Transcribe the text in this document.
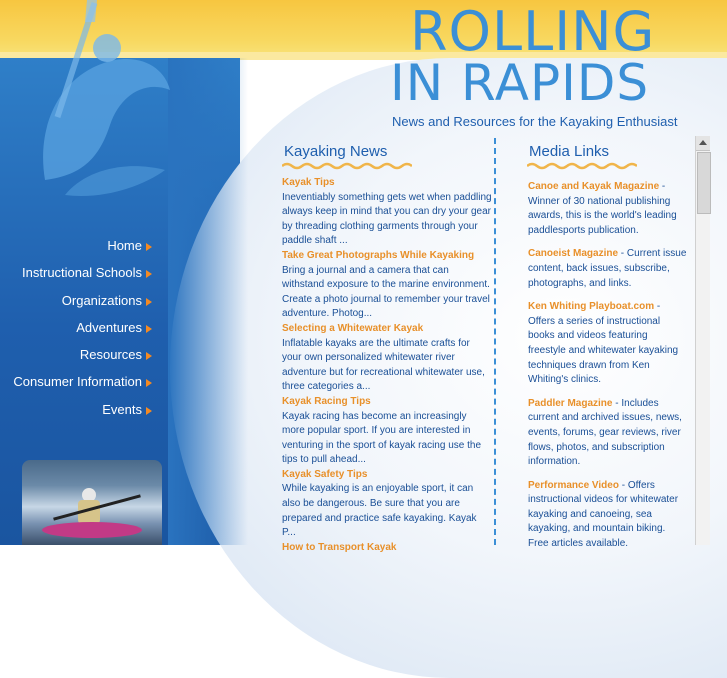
ROLLING
IN RAPIDS
News and Resources for the Kayaking Enthusiast
Home
Instructional Schools
Organizations
Adventures
Resources
Consumer Information
Events
Kayaking News	Media Links
Kayak Tips
Ineventiably something gets wet when paddling always keep in mind that you can dry your gear by threading clothing garments through your paddle shaft ...
Take Great Photographs While Kayaking
Bring a journal and a camera that can withstand exposure to the marine environment. Create a photo journal to remember your travel adventure. Photog...
Selecting a Whitewater Kayak
Inflatable kayaks are the ultimate crafts for your own personalized whitewater river adventure but for recreational whitewater use, three categories a...
Kayak Racing Tips
Kayak racing has become an increasingly more popular sport. If you are interested in venturing in the sport of kayak racing use the tips to pull ahead...
Kayak Safety Tips
While kayaking is an enjoyable sport, it can also be dangerous. Be sure that you are prepared and practice safe kayaking. Kayak P...
How to Transport Kayak

Canoe and Kayak Magazine - Winner of 30 national publishing awards, this is the world's leading paddlesports publication.

Canoeist Magazine - Current issue content, back issues, subscribe, photographs, and links.

Ken Whiting Playboat.com - Offers a series of instructional books and videos featuring freestyle and whitewater kayaking techniques drawn from Ken Whiting's clinics.

Paddler Magazine - Includes current and archived issues, news, events, forums, gear reviews, river flows, photos, and subscription information.

Performance Video - Offers instructional videos for whitewater kayaking and canoeing, sea kayaking, and mountain biking. Free articles available.
